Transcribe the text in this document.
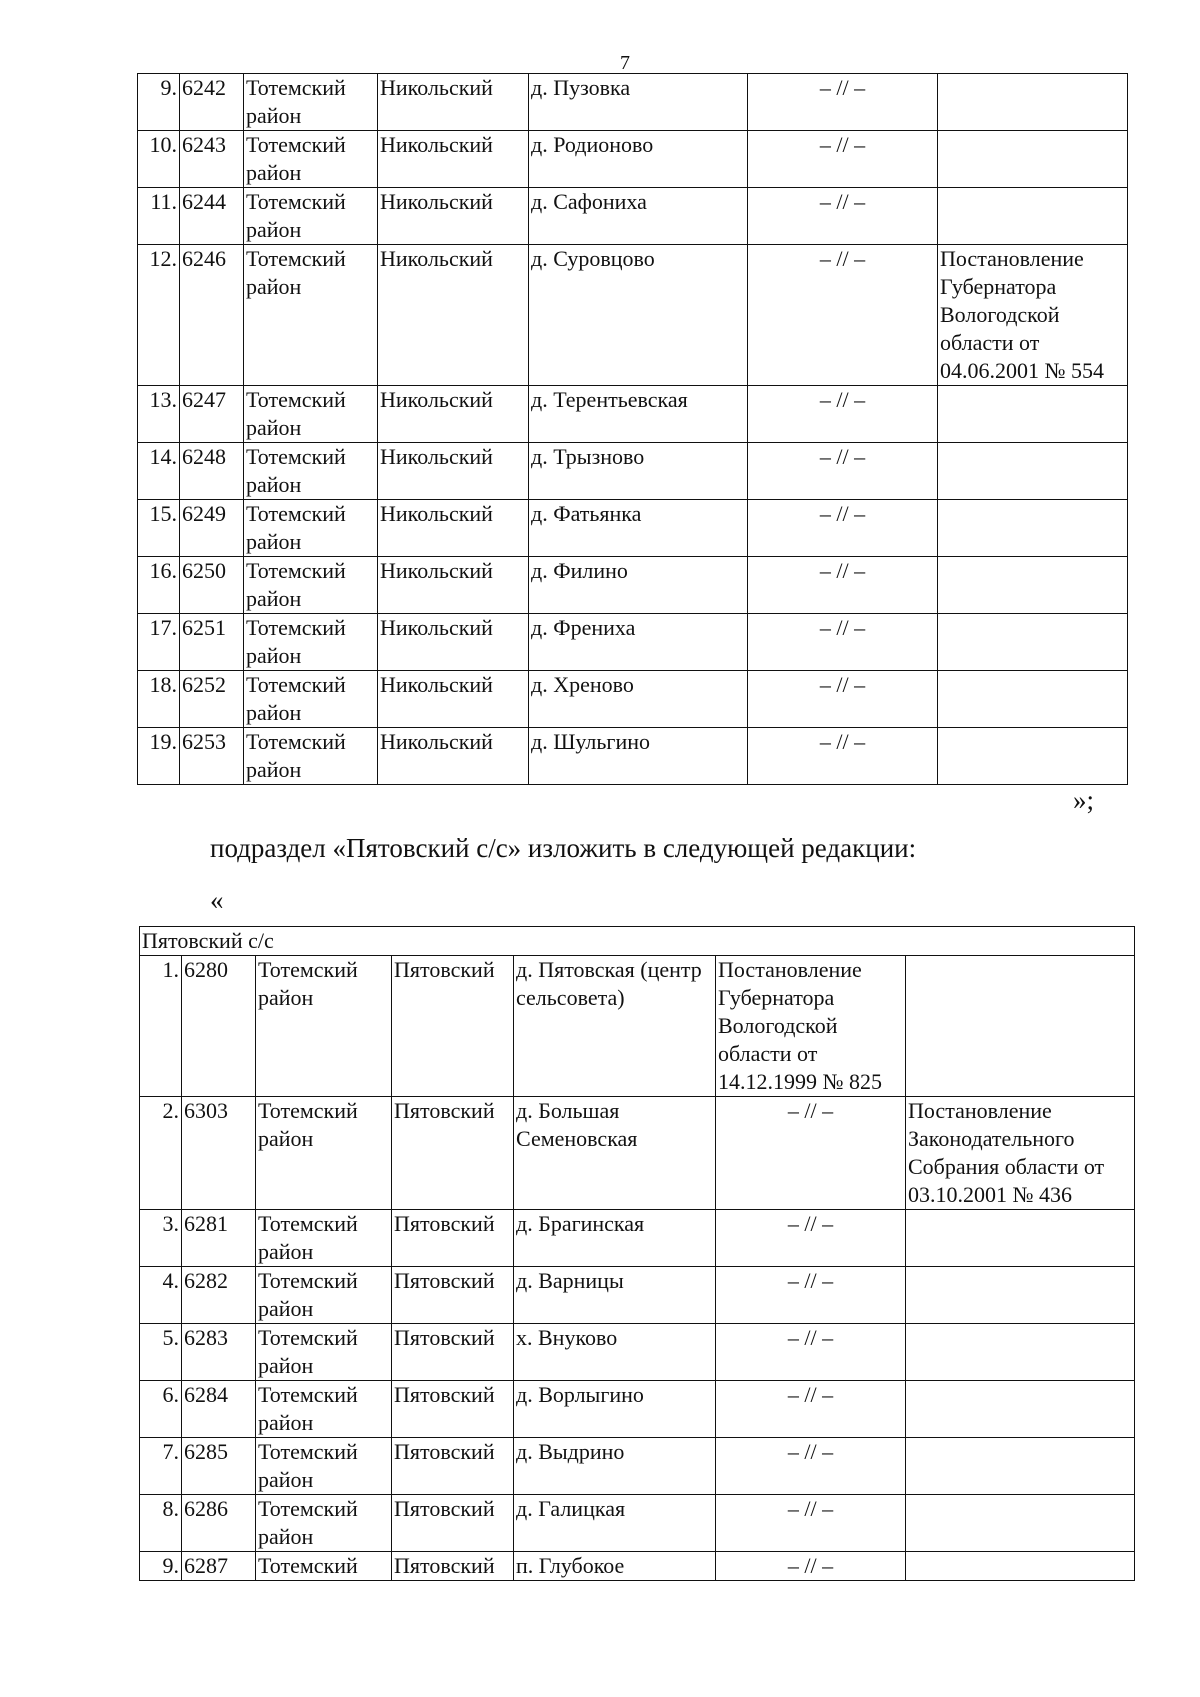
7
9.	6242	Тотемский район	Никольский	д. Пузовка	– // –	
10.	6243	Тотемский район	Никольский	д. Родионово	– // –	
11.	6244	Тотемский район	Никольский	д. Сафониха	– // –	
12.	6246	Тотемский район	Никольский	д. Суровцово	– // –	Постановление Губернатора Вологодской области от 04.06.2001 № 554
13.	6247	Тотемский район	Никольский	д. Терентьевская	– // –	
14.	6248	Тотемский район	Никольский	д. Трызново	– // –	
15.	6249	Тотемский район	Никольский	д. Фатьянка	– // –	
16.	6250	Тотемский район	Никольский	д. Филино	– // –	
17.	6251	Тотемский район	Никольский	д. Френиха	– // –	
18.	6252	Тотемский район	Никольский	д. Хреново	– // –	
19.	6253	Тотемский район	Никольский	д. Шульгино	– // –	
»;
подраздел «Пятовский с/с» изложить в следующей редакции:
«
Пятовский с/с						
1.	6280	Тотемский район	Пятовский	д. Пятовская (центр сельсовета)	Постановление Губернатора Вологодской области от 14.12.1999 № 825	
2.	6303	Тотемский район	Пятовский	д. Большая Семеновская	– // –	Постановление Законодательного Собрания области от 03.10.2001 № 436
3.	6281	Тотемский район	Пятовский	д. Брагинская	– // –	
4.	6282	Тотемский район	Пятовский	д. Варницы	– // –	
5.	6283	Тотемский район	Пятовский	х. Внуково	– // –	
6.	6284	Тотемский район	Пятовский	д. Ворлыгино	– // –	
7.	6285	Тотемский район	Пятовский	д. Выдрино	– // –	
8.	6286	Тотемский район	Пятовский	д. Галицкая	– // –	
9.	6287	Тотемский	Пятовский	п. Глубокое	– // –	
